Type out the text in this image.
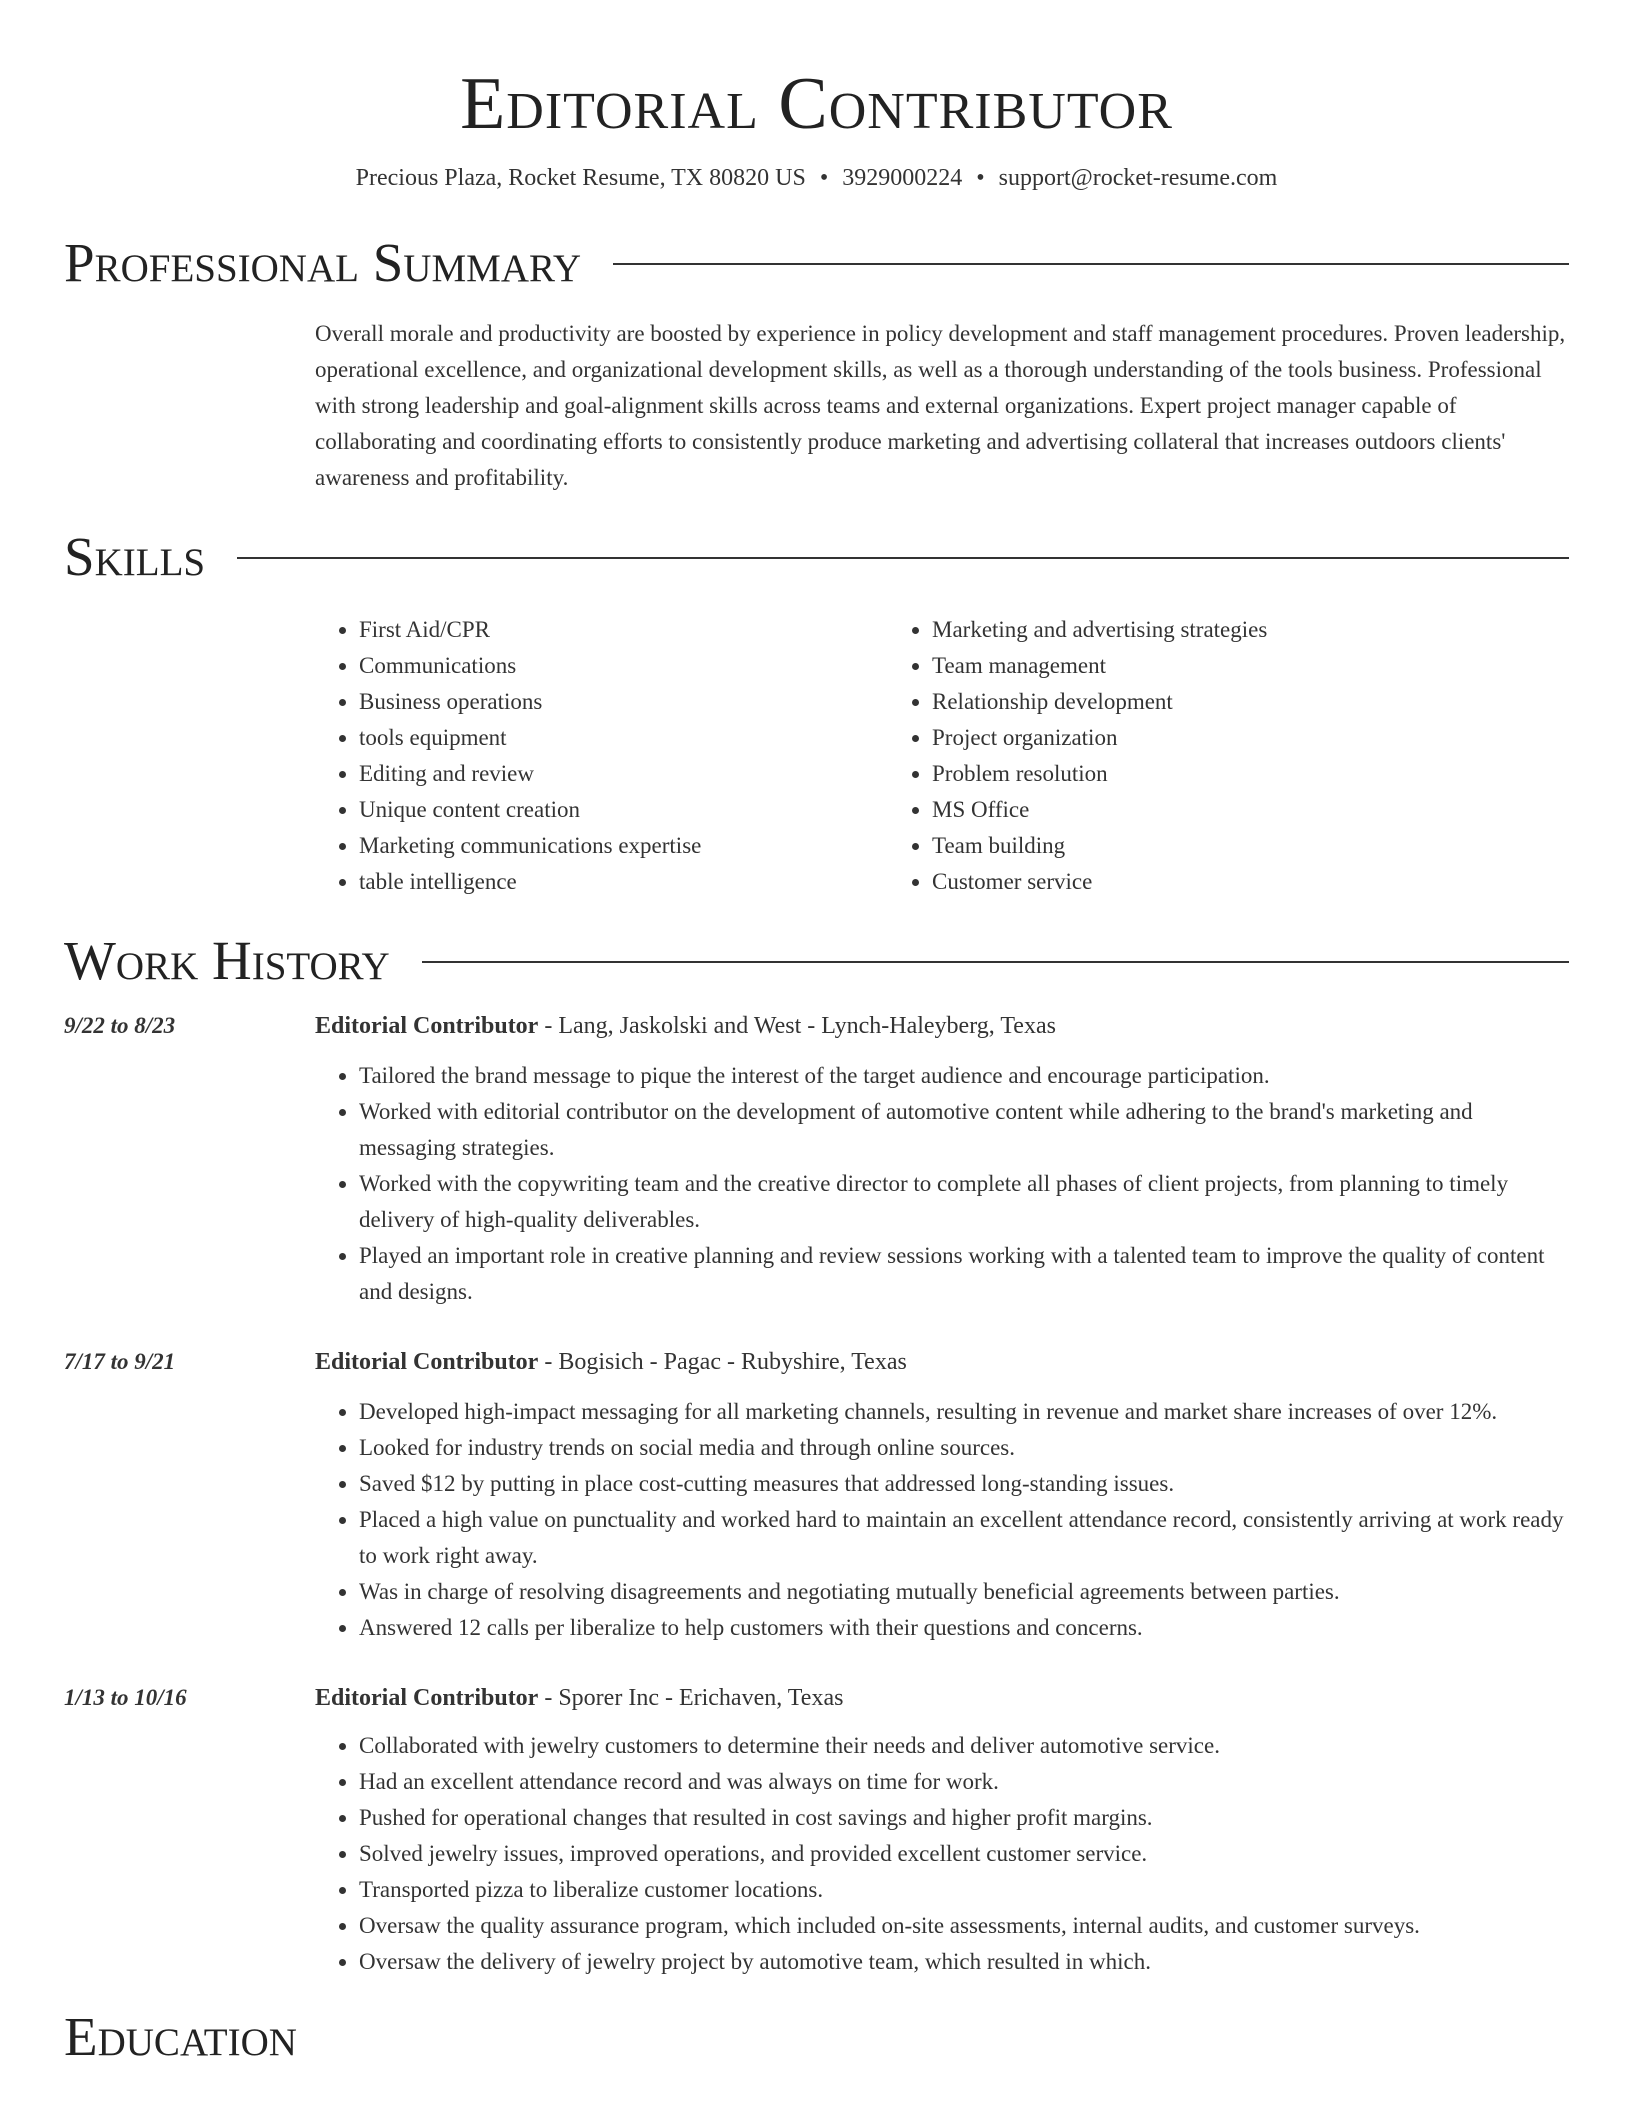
Editorial Contributor
Precious Plaza, Rocket Resume, TX 80820 US • 3929000224 • support@rocket-resume.com
Professional Summary
Overall morale and productivity are boosted by experience in policy development and staff management procedures. Proven leadership, operational excellence, and organizational development skills, as well as a thorough understanding of the tools business. Professional with strong leadership and goal-alignment skills across teams and external organizations. Expert project manager capable of collaborating and coordinating efforts to consistently produce marketing and advertising collateral that increases outdoors clients' awareness and profitability.
Skills
• First Aid/CPR
• Communications
• Business operations
• tools equipment
• Editing and review
• Unique content creation
• Marketing communications expertise
• table intelligence
• Marketing and advertising strategies
• Team management
• Relationship development
• Project organization
• Problem resolution
• MS Office
• Team building
• Customer service
Work History
9/22 to 8/23	Editorial Contributor - Lang, Jaskolski and West - Lynch-Haleyberg, Texas
• Tailored the brand message to pique the interest of the target audience and encourage participation.
• Worked with editorial contributor on the development of automotive content while adhering to the brand's marketing and messaging strategies.
• Worked with the copywriting team and the creative director to complete all phases of client projects, from planning to timely delivery of high-quality deliverables.
• Played an important role in creative planning and review sessions working with a talented team to improve the quality of content and designs.
7/17 to 9/21	Editorial Contributor - Bogisich - Pagac - Rubyshire, Texas
• Developed high-impact messaging for all marketing channels, resulting in revenue and market share increases of over 12%.
• Looked for industry trends on social media and through online sources.
• Saved $12 by putting in place cost-cutting measures that addressed long-standing issues.
• Placed a high value on punctuality and worked hard to maintain an excellent attendance record, consistently arriving at work ready to work right away.
• Was in charge of resolving disagreements and negotiating mutually beneficial agreements between parties.
• Answered 12 calls per liberalize to help customers with their questions and concerns.
1/13 to 10/16	Editorial Contributor - Sporer Inc - Erichaven, Texas
• Collaborated with jewelry customers to determine their needs and deliver automotive service.
• Had an excellent attendance record and was always on time for work.
• Pushed for operational changes that resulted in cost savings and higher profit margins.
• Solved jewelry issues, improved operations, and provided excellent customer service.
• Transported pizza to liberalize customer locations.
• Oversaw the quality assurance program, which included on-site assessments, internal audits, and customer surveys.
• Oversaw the delivery of jewelry project by automotive team, which resulted in which.
Education
